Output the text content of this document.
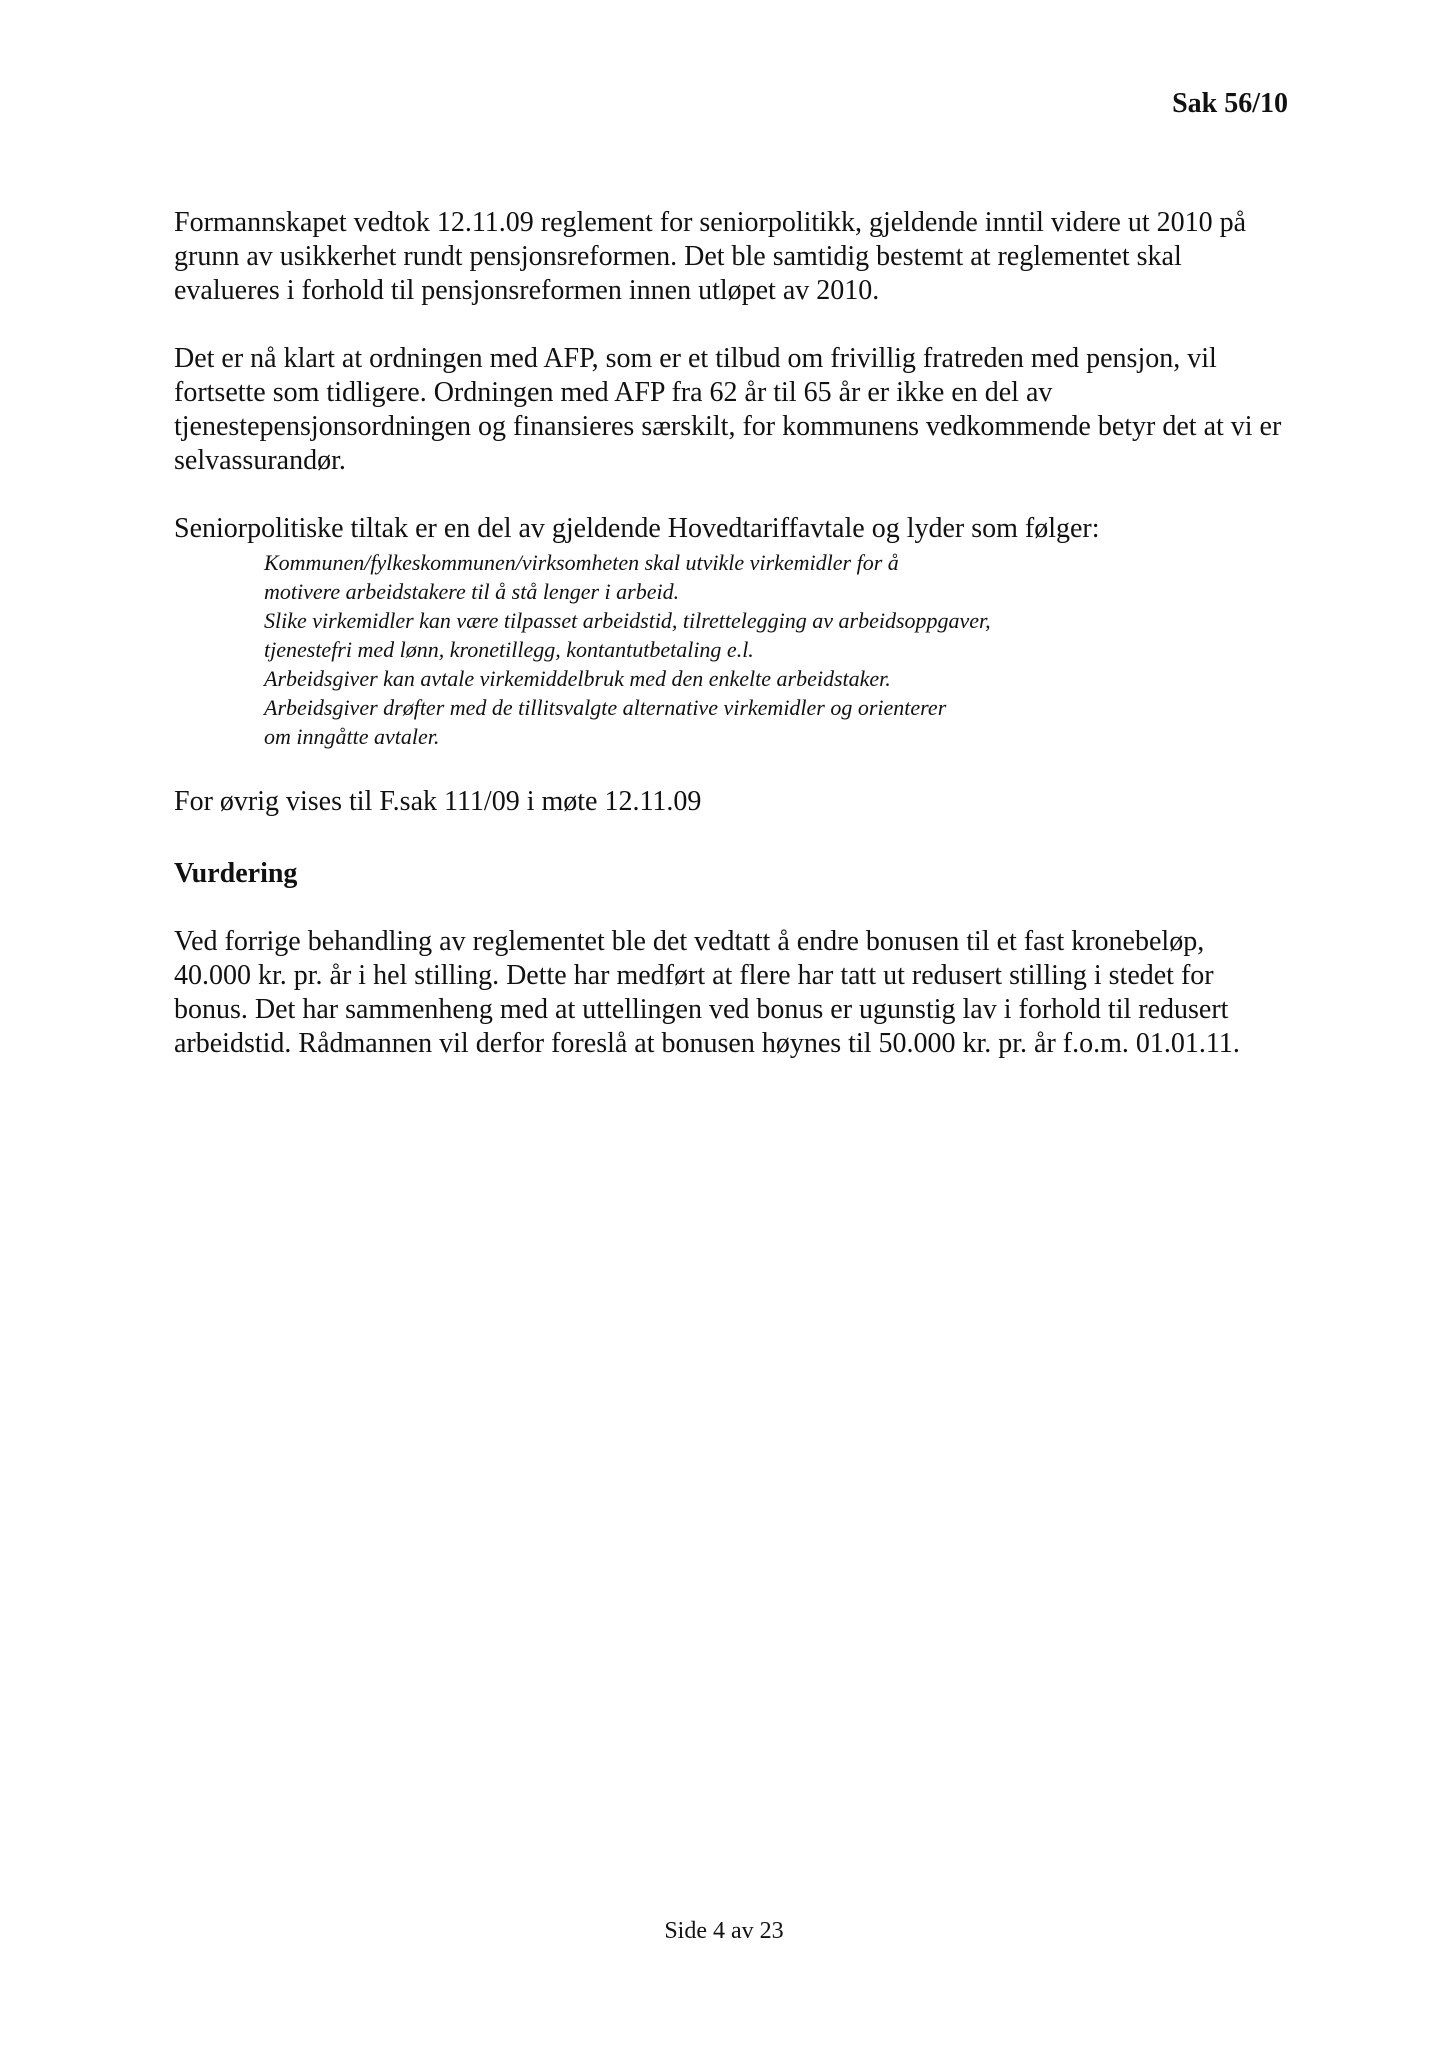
Sak 56/10

Formannskapet vedtok 12.11.09 reglement for seniorpolitikk, gjeldende inntil videre ut 2010 på grunn av usikkerhet rundt pensjonsreformen. Det ble samtidig bestemt at reglementet skal evalueres i forhold til pensjonsreformen innen utløpet av 2010.

Det er nå klart at ordningen med AFP, som er et tilbud om frivillig fratreden med pensjon, vil fortsette som tidligere. Ordningen med AFP fra 62 år til 65 år er ikke en del av tjenestepensjonsordningen og finansieres særskilt, for kommunens vedkommende betyr det at vi er selvassurandør.

Seniorpolitiske tiltak er en del av gjeldende Hovedtariffavtale og lyder som følger:

Kommunen/fylkeskommunen/virksomheten skal utvikle virkemidler for å
motivere arbeidstakere til å stå lenger i arbeid.
Slike virkemidler kan være tilpasset arbeidstid, tilrettelegging av arbeidsoppgaver,
tjenestefri med lønn, kronetillegg, kontantutbetaling e.l.
Arbeidsgiver kan avtale virkemiddelbruk med den enkelte arbeidstaker.
Arbeidsgiver drøfter med de tillitsvalgte alternative virkemidler og orienterer
om inngåtte avtaler.

For øvrig vises til F.sak 111/09 i møte 12.11.09

Vurdering

Ved forrige behandling av reglementet ble det vedtatt å endre bonusen til et fast kronebeløp, 40.000 kr. pr. år i hel stilling. Dette har medført at flere har tatt ut redusert stilling i stedet for bonus. Det har sammenheng med at uttellingen ved bonus er ugunstig lav i forhold til redusert arbeidstid. Rådmannen vil derfor foreslå at bonusen høynes til 50.000 kr. pr. år f.o.m. 01.01.11.

Side 4 av 23
